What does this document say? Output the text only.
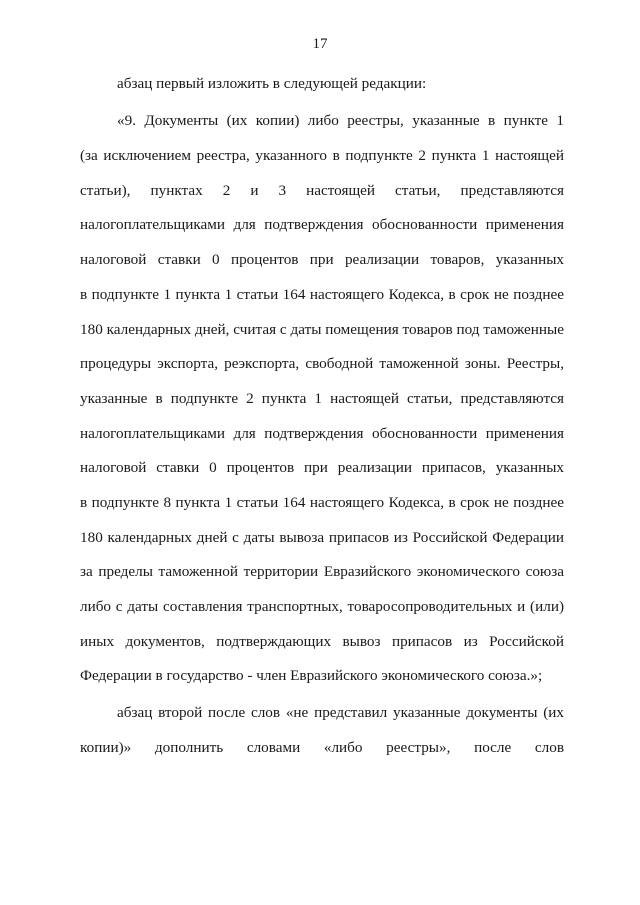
17
абзац первый изложить в следующей редакции:
«9. Документы (их копии) либо реестры, указанные в пункте 1
(за исключением реестра, указанного в подпункте 2 пункта 1 настоящей
статьи), пунктах 2 и 3 настоящей статьи, представляются
налогоплательщиками для подтверждения обоснованности применения
налоговой ставки 0 процентов при реализации товаров, указанных
в подпункте 1 пункта 1 статьи 164 настоящего Кодекса, в срок не позднее
180 календарных дней, считая с даты помещения товаров под таможенные
процедуры экспорта, реэкспорта, свободной таможенной зоны. Реестры,
указанные в подпункте 2 пункта 1 настоящей статьи, представляются
налогоплательщиками для подтверждения обоснованности применения
налоговой ставки 0 процентов при реализации припасов, указанных
в подпункте 8 пункта 1 статьи 164 настоящего Кодекса, в срок не позднее
180 календарных дней с даты вывоза припасов из Российской Федерации
за пределы таможенной территории Евразийского экономического союза
либо с даты составления транспортных, товаросопроводительных и (или)
иных документов, подтверждающих вывоз припасов из Российской
Федерации в государство - член Евразийского экономического союза.»;
абзац второй после слов «не представил указанные документы (их
копии)» дополнить словами «либо реестры», после слов
